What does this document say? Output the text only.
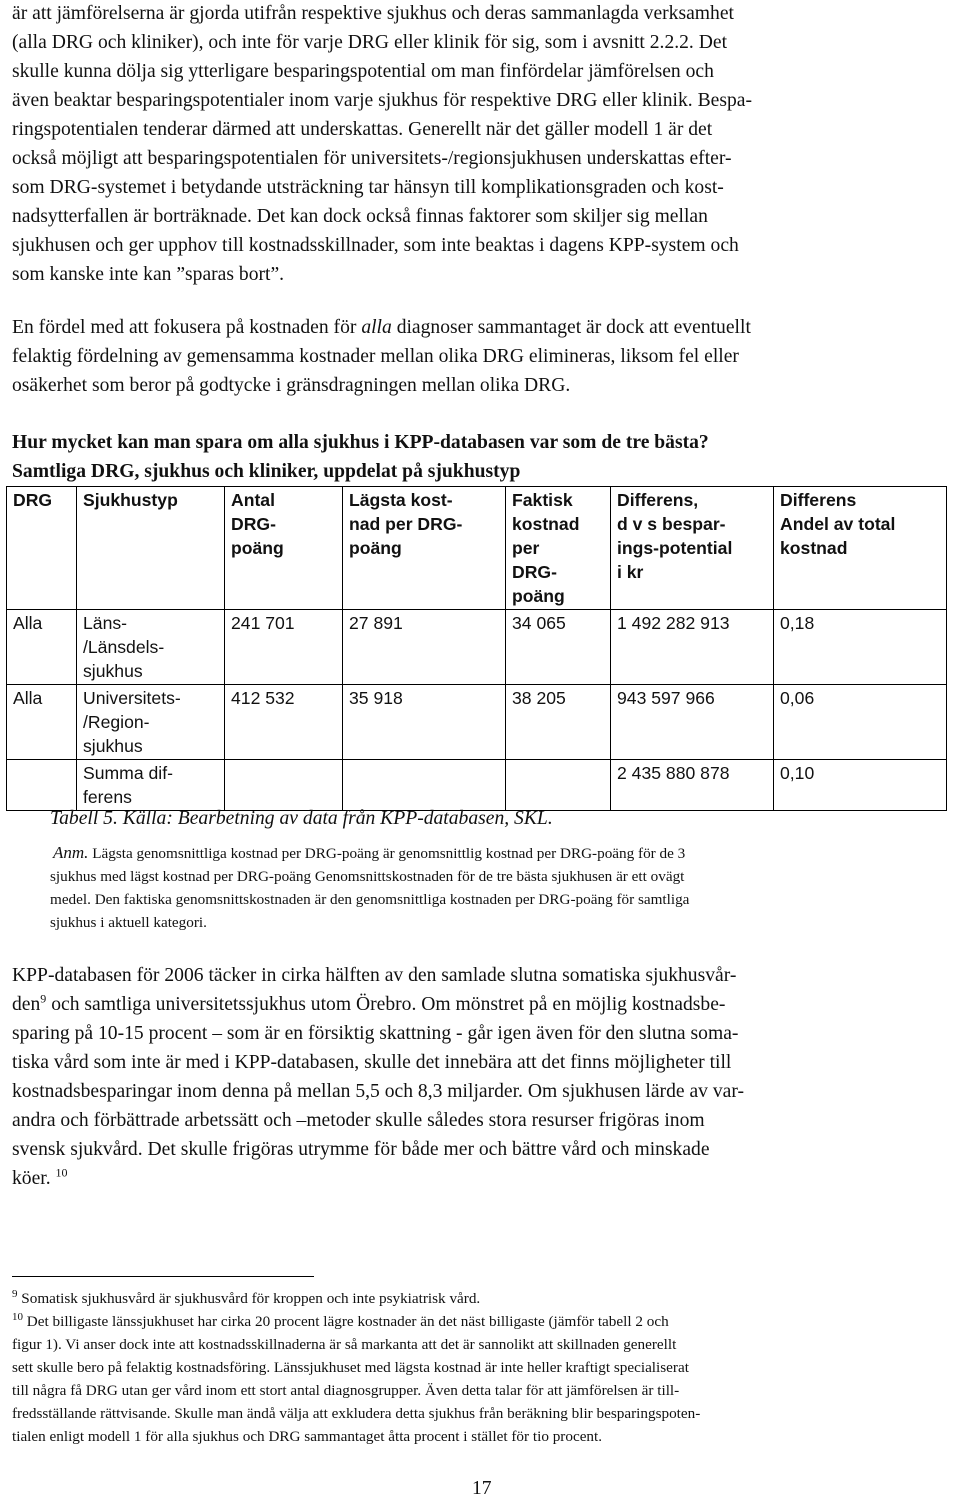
är att jämförelserna är gjorda utifrån respektive sjukhus och deras sammanlagda verksamhet
(alla DRG och kliniker), och inte för varje DRG eller klinik för sig, som i avsnitt 2.2.2. Det
skulle kunna dölja sig ytterligare besparingspotential om man finfördelar jämförelsen och
även beaktar besparingspotentialer inom varje sjukhus för respektive DRG eller klinik. Bespa-
ringspotentialen tenderar därmed att underskattas. Generellt när det gäller modell 1 är det
också möjligt att besparingspotentialen för universitets-/regionsjukhusen underskattas efter-
som DRG-systemet i betydande utsträckning tar hänsyn till komplikationsgraden och kost-
nadsytterfallen är borträknade. Det kan dock också finnas faktorer som skiljer sig mellan
sjukhusen och ger upphov till kostnadsskillnader, som inte beaktas i dagens KPP-system och
som kanske inte kan ”sparas bort”.
En fördel med att fokusera på kostnaden för alla diagnoser sammantaget är dock att eventuellt
felaktig fördelning av gemensamma kostnader mellan olika DRG elimineras, liksom fel eller
osäkerhet som beror på godtycke i gränsdragningen mellan olika DRG.
Hur mycket kan man spara om alla sjukhus i KPP-databasen var som de tre bästa?
Samtliga DRG, sjukhus och kliniker, uppdelat på sjukhustyp
DRG	Sjukhustyp	Antal
DRG-
poäng	Lägsta kost-
nad per DRG-
poäng	Faktisk
kostnad
per
DRG-
poäng	Differens,
d v s bespar-
ings-potential
i kr	Differens
Andel av total
kostnad

Alla	Läns-
/Länsdels-
sjukhus	241 701	27 891	34 065	1 492 282 913	0,18
Alla	Universitets-
/Region-
sjukhus	412 532	35 918	38 205	943 597 966	0,06

	Summa dif-
ferens				2 435 880 878	0,10
Tabell 5. Källa: Bearbetning av data från KPP-databasen, SKL.
Anm. Lägsta genomsnittliga kostnad per DRG-poäng är genomsnittlig kostnad per DRG-poäng för de 3
sjukhus med lägst kostnad per DRG-poäng Genomsnittskostnaden för de tre bästa sjukhusen är ett ovägt
medel. Den faktiska genomsnittskostnaden är den genomsnittliga kostnaden per DRG-poäng för samtliga
sjukhus i aktuell kategori.
KPP-databasen för 2006 täcker in cirka hälften av den samlade slutna somatiska sjukhusvår-
den$^9$ och samtliga universitetssjukhus utom Örebro. Om mönstret på en möjlig kostnadsbe-
sparing på 10-15 procent – som är en försiktig skattning - går igen även för den slutna soma-
tiska vård som inte är med i KPP-databasen, skulle det innebära att det finns möjligheter till
kostnadsbesparingar inom denna på mellan 5,5 och 8,3 miljarder. Om sjukhusen lärde av var-
andra och förbättrade arbetssätt och –metoder skulle således stora resurser frigöras inom
svensk sjukvård. Det skulle frigöras utrymme för både mer och bättre vård och minskade
köer. $^{10}$
$^9$ Somatisk sjukhusvård är sjukhusvård för kroppen och inte psykiatrisk vård.
$^{10}$ Det billigaste länssjukhuset har cirka 20 procent lägre kostnader än det näst billigaste (jämför tabell 2 och
figur 1). Vi anser dock inte att kostnadsskillnaderna är så markanta att det är sannolikt att skillnaden generellt
sett skulle bero på felaktig kostnadsföring. Länssjukhuset med lägsta kostnad är inte heller kraftigt specialiserat
till några få DRG utan ger vård inom ett stort antal diagnosgrupper. Även detta talar för att jämförelsen är till-
fredsställande rättvisande. Skulle man ändå välja att exkludera detta sjukhus från beräkning blir besparingspoten-
tialen enligt modell 1 för alla sjukhus och DRG sammantaget åtta procent i stället för tio procent.
17
